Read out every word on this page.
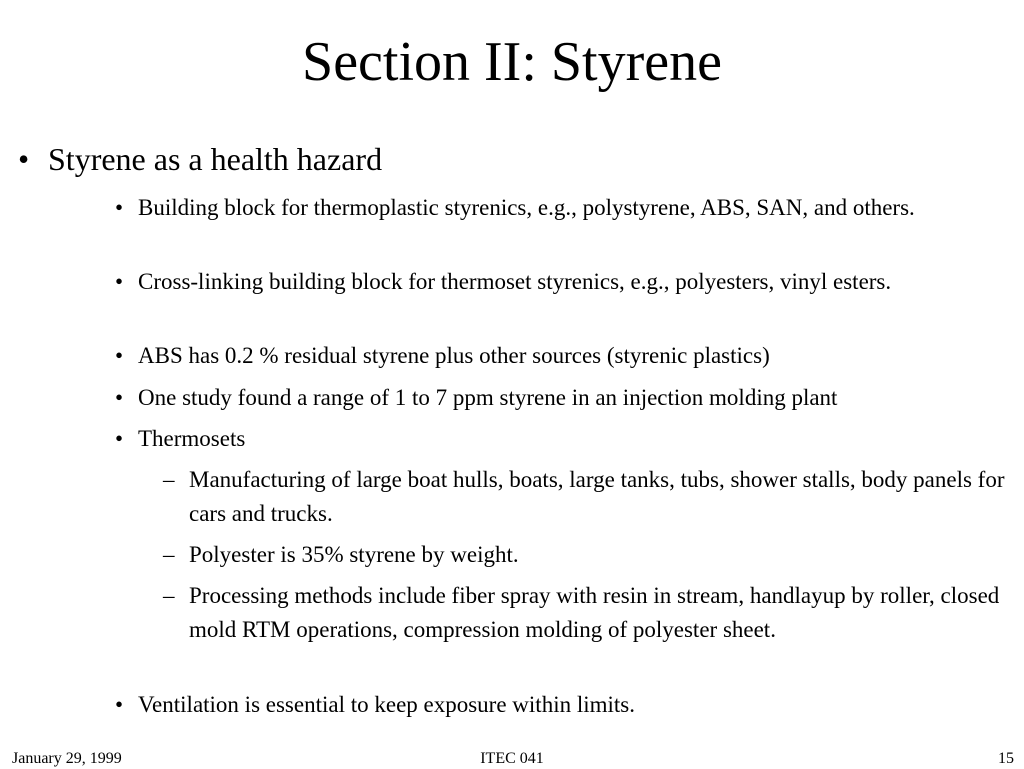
Section II: Styrene
• Styrene as a health hazard
• Building block for thermoplastic styrenics, e.g., polystyrene, ABS, SAN, and others.
• Cross-linking building block for thermoset styrenics, e.g., polyesters, vinyl esters.
• ABS has 0.2 % residual styrene plus other sources (styrenic plastics)
• One study found a range of 1 to 7 ppm styrene in an injection molding plant
• Thermosets
– Manufacturing of large boat hulls, boats, large tanks, tubs, shower stalls, body panels for cars and trucks.
– Polyester is 35% styrene by weight.
– Processing methods include fiber spray with resin in stream, handlayup by roller, closed mold RTM operations, compression molding of polyester sheet.
• Ventilation is essential to keep exposure within limits.
January 29, 1999	ITEC 041	15
